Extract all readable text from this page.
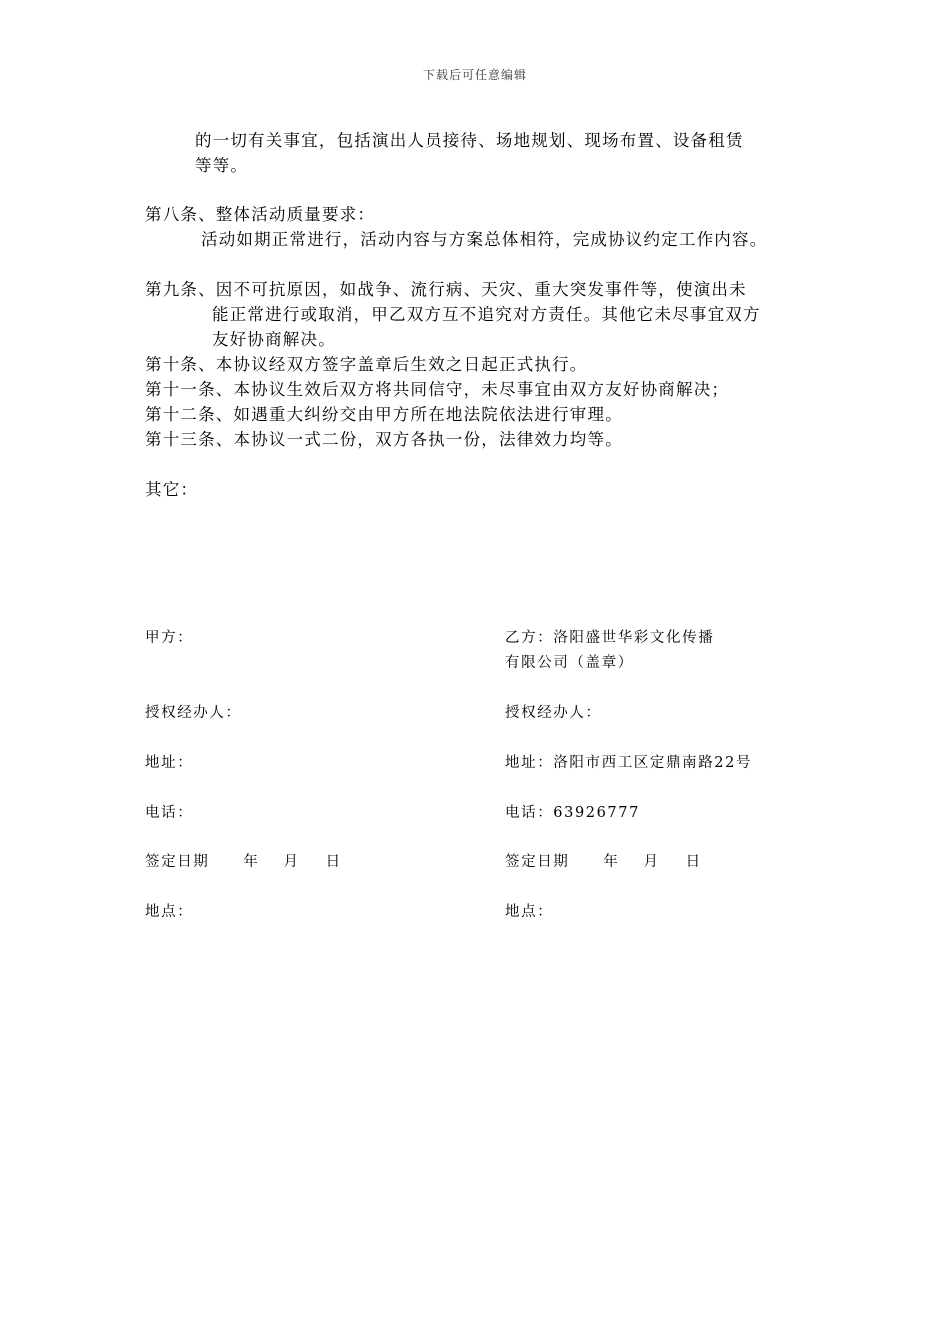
下载后可任意编辑
的一切有关事宜，包括演出人员接待、场地规划、现场布置、设备租赁
等等。
第八条、整体活动质量要求：
活动如期正常进行，活动内容与方案总体相符，完成协议约定工作内容。
第九条、因不可抗原因，如战争、流行病、天灾、重大突发事件等，使演出未
能正常进行或取消，甲乙双方互不追究对方责任。其他它未尽事宜双方
友好协商解决。
第十条、本协议经双方签字盖章后生效之日起正式执行。
第十一条、本协议生效后双方将共同信守，未尽事宜由双方友好协商解决；
第十二条、如遇重大纠纷交由甲方所在地法院依法进行审理。
第十三条、本协议一式二份，双方各执一份，法律效力均等。
其它：
甲方：
授权经办人：
地址：
电话：
签定日期 年 月 日
地点：
乙方：洛阳盛世华彩文化传播
有限公司（盖章）
授权经办人：
地址：洛阳市西工区定鼎南路22号
电话：63926777
签定日期 年 月 日
地点：
